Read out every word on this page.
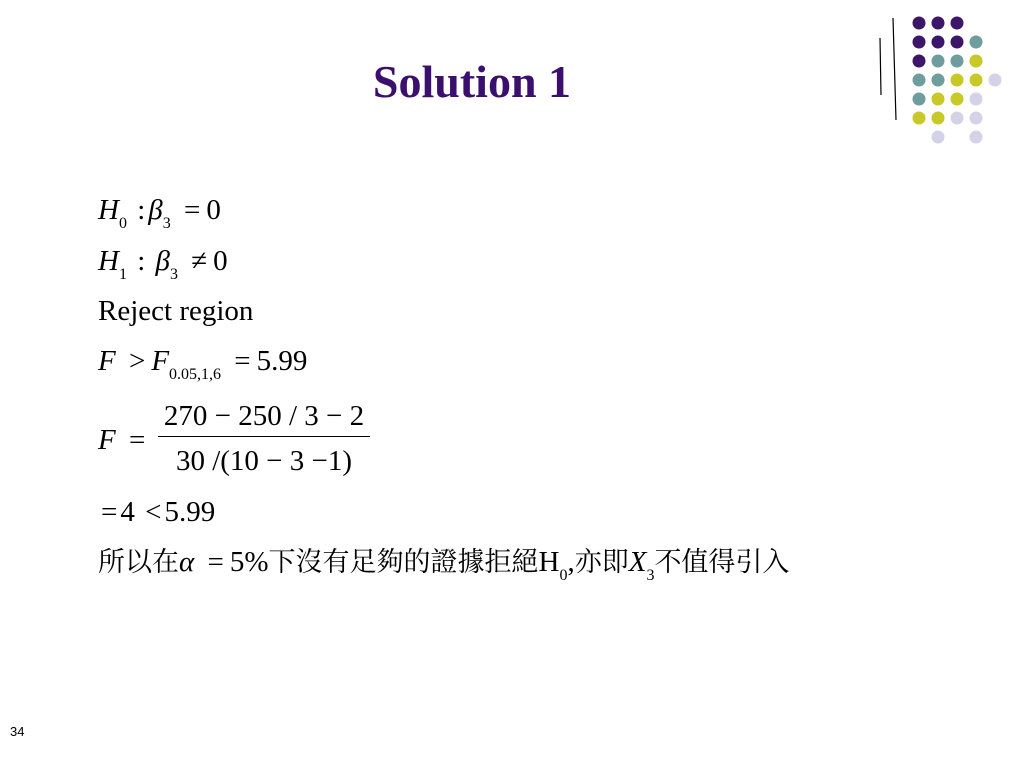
Solution 1
$H_0$ : $\beta_3 = 0$
$H_1$ : $\beta_3 \ne 0$
Reject region
$F > F_{0.05,1,6} = 5.99$
F =
270 − 250 / 3 − 2
30 /(10 − 3 −1)
= 4 < 5.99
所以在α = 5%下沒有足夠的證據拒絕$H_0$,亦即$X_3$不值得引入
34
